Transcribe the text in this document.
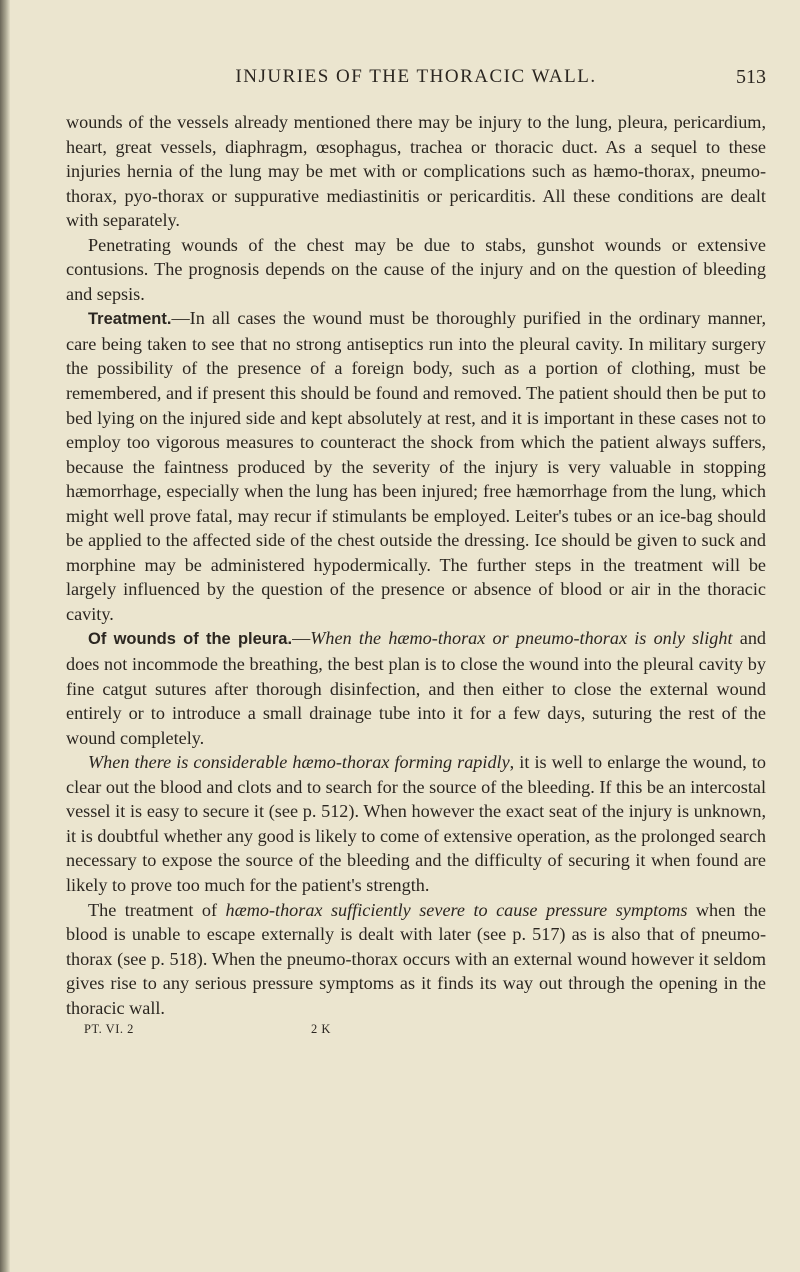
INJURIES OF THE THORACIC WALL.	513

wounds of the vessels already mentioned there may be injury to the lung, pleura, pericardium, heart, great vessels, diaphragm, œsophagus, trachea or thoracic duct. As a sequel to these injuries hernia of the lung may be met with or complications such as hæmo-thorax, pneumo-thorax, pyo-thorax or suppurative mediastinitis or pericarditis. All these conditions are dealt with separately.

Penetrating wounds of the chest may be due to stabs, gunshot wounds or extensive contusions. The prognosis depends on the cause of the injury and on the question of bleeding and sepsis.

Treatment.—In all cases the wound must be thoroughly purified in the ordinary manner, care being taken to see that no strong antiseptics run into the pleural cavity. In military surgery the possibility of the presence of a foreign body, such as a portion of clothing, must be remembered, and if present this should be found and removed. The patient should then be put to bed lying on the injured side and kept absolutely at rest, and it is important in these cases not to employ too vigorous measures to counteract the shock from which the patient always suffers, because the faintness produced by the severity of the injury is very valuable in stopping hæmorrhage, especially when the lung has been injured; free hæmorrhage from the lung, which might well prove fatal, may recur if stimulants be employed. Leiter's tubes or an ice-bag should be applied to the affected side of the chest outside the dressing. Ice should be given to suck and morphine may be administered hypodermically. The further steps in the treatment will be largely influenced by the question of the presence or absence of blood or air in the thoracic cavity.

Of wounds of the pleura.—When the hæmo-thorax or pneumo-thorax is only slight and does not incommode the breathing, the best plan is to close the wound into the pleural cavity by fine catgut sutures after thorough disinfection, and then either to close the external wound entirely or to introduce a small drainage tube into it for a few days, suturing the rest of the wound completely.

When there is considerable hæmo-thorax forming rapidly, it is well to enlarge the wound, to clear out the blood and clots and to search for the source of the bleeding. If this be an intercostal vessel it is easy to secure it (see p. 512). When however the exact seat of the injury is unknown, it is doubtful whether any good is likely to come of extensive operation, as the prolonged search necessary to expose the source of the bleeding and the difficulty of securing it when found are likely to prove too much for the patient's strength.

The treatment of hæmo-thorax sufficiently severe to cause pressure symptoms when the blood is unable to escape externally is dealt with later (see p. 517) as is also that of pneumo-thorax (see p. 518). When the pneumo-thorax occurs with an external wound however it seldom gives rise to any serious pressure symptoms as it finds its way out through the opening in the thoracic wall.

PT. VI. 2	2 K
